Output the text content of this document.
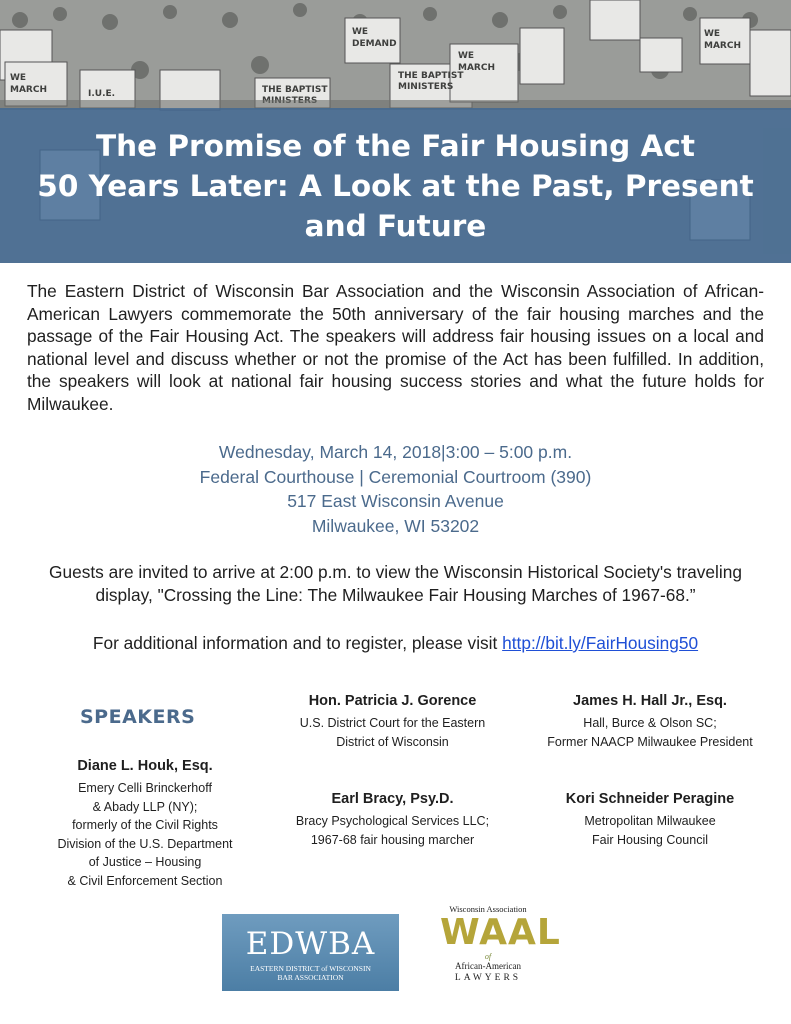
WE
MARCH	I.U.E.	THE BAPTIST
THE BAPTIST
MINISTERS
WE
MARCH
WE
DEMAND
WE
MARCH
The Promise of the Fair Housing Act
50 Years Later: A Look at the Past, Present
and Future

The Eastern District of Wisconsin Bar Association and the Wisconsin Association of African-American Lawyers commemorate the 50th anniversary of the fair housing marches and the passage of the Fair Housing Act. The speakers will address fair housing issues on a local and national level and discuss whether or not the promise of the Act has been fulfilled. In addition, the speakers will look at national fair housing success stories and what the future holds for Milwaukee.

Wednesday, March 14, 2018|3:00 – 5:00 p.m.
Federal Courthouse | Ceremonial Courtroom (390)
517 East Wisconsin Avenue
Milwaukee, WI 53202

Guests are invited to arrive at 2:00 p.m. to view the Wisconsin Historical Society's traveling display, "Crossing the Line: The Milwaukee Fair Housing Marches of 1967-68.”

For additional information and to register, please visit http://bit.ly/FairHousing50

SPEAKERS
Diane L. Houk, Esq.
Emery Celli Brinckerhoff
& Abady LLP (NY);
formerly of the Civil Rights
Division of the U.S. Department
of Justice – Housing
& Civil Enforcement Section
Hon. Patricia J. Gorence
U.S. District Court for the Eastern
District of Wisconsin
Earl Bracy, Psy.D.
Bracy Psychological Services LLC;
1967-68 fair housing marcher
James H. Hall Jr., Esq.
Hall, Burce & Olson SC;
Former NAACP Milwaukee President
Kori Schneider Peragine
Metropolitan Milwaukee
Fair Housing Council
EDWBA
EASTERN DISTRICT of WISCONSIN
BAR ASSOCIATION
Wisconsin Association
WAAL
of
African-American
LAWYERS
